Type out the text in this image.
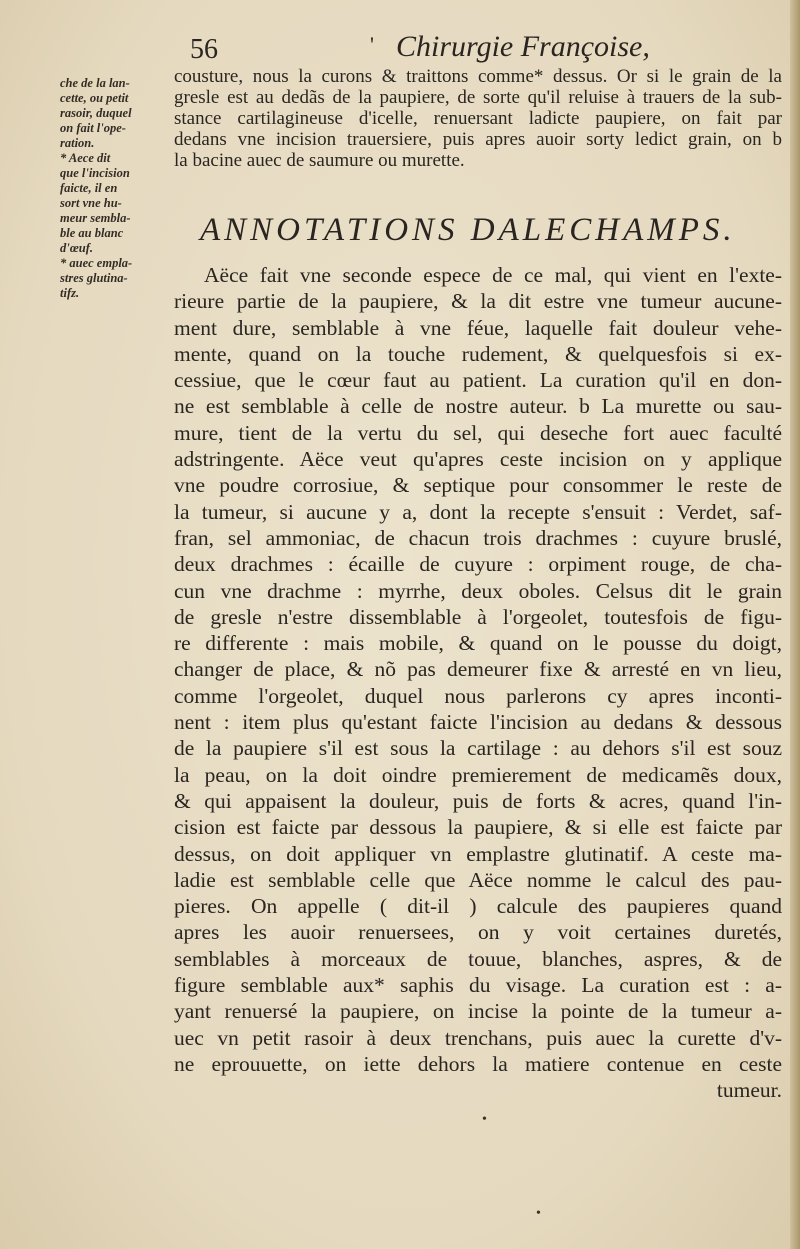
56	' Chirurgie Françoise,
che de la lan-
cette, ou petit
rasoir, duquel
on fait l'ope-
ration.
* Aece dit
que l'incision
faicte, il en
sort vne hu-
meur sembla-
ble au blanc
d'œuf.
* auec empla-
stres glutina-
tifz.
cousture, nous la curons & traittons comme* dessus. Or si le grain de la
gresle est au dedãs de la paupiere, de sorte qu'il reluise à trauers de la sub-
stance cartilagineuse d'icelle, renuersant ladicte paupiere, on fait par
dedans vne incision trauersiere, puis apres auoir sorty ledict grain, on b
la bacine auec de saumure ou murette.
ANNOTATIONS DALECHAMPS.
Aëce fait vne seconde espece de ce mal, qui vient en l'exte-
rieure partie de la paupiere, & la dit estre vne tumeur aucune-
ment dure, semblable à vne féue, laquelle fait douleur vehe-
mente, quand on la touche rudement, & quelquesfois si ex-
cessiue, que le cœur faut au patient. La curation qu'il en don-
ne est semblable à celle de nostre auteur. b La murette ou sau-
mure, tient de la vertu du sel, qui deseche fort auec faculté
adstringente. Aëce veut qu'apres ceste incision on y applique
vne poudre corrosiue, & septique pour consommer le reste de
la tumeur, si aucune y a, dont la recepte s'ensuit : Verdet, saf-
fran, sel ammoniac, de chacun trois drachmes : cuyure bruslé,
deux drachmes : écaille de cuyure : orpiment rouge, de cha-
cun vne drachme : myrrhe, deux oboles. Celsus dit le grain
de gresle n'estre dissemblable à l'orgeolet, toutesfois de figu-
re differente : mais mobile, & quand on le pousse du doigt,
changer de place, & nõ pas demeurer fixe & arresté en vn lieu,
comme l'orgeolet, duquel nous parlerons cy apres inconti-
nent : item plus qu'estant faicte l'incision au dedans & dessous
de la paupiere s'il est sous la cartilage : au dehors s'il est souz
la peau, on la doit oindre premierement de medicamẽs doux,
& qui appaisent la douleur, puis de forts & acres, quand l'in-
cision est faicte par dessous la paupiere, & si elle est faicte par
dessus, on doit appliquer vn emplastre glutinatif. A ceste ma-
ladie est semblable celle que Aëce nomme le calcul des pau-
pieres. On appelle ( dit-il ) calcule des paupieres quand
apres les auoir renuersees, on y voit certaines duretés,
semblables à morceaux de touue, blanches, aspres, & de
figure semblable aux* saphis du visage. La curation est : a-
yant renuersé la paupiere, on incise la pointe de la tumeur a-
uec vn petit rasoir à deux trenchans, puis auec la curette d'v-
ne eprouuette, on iette dehors la matiere contenue en ceste
tumeur.
•
•
